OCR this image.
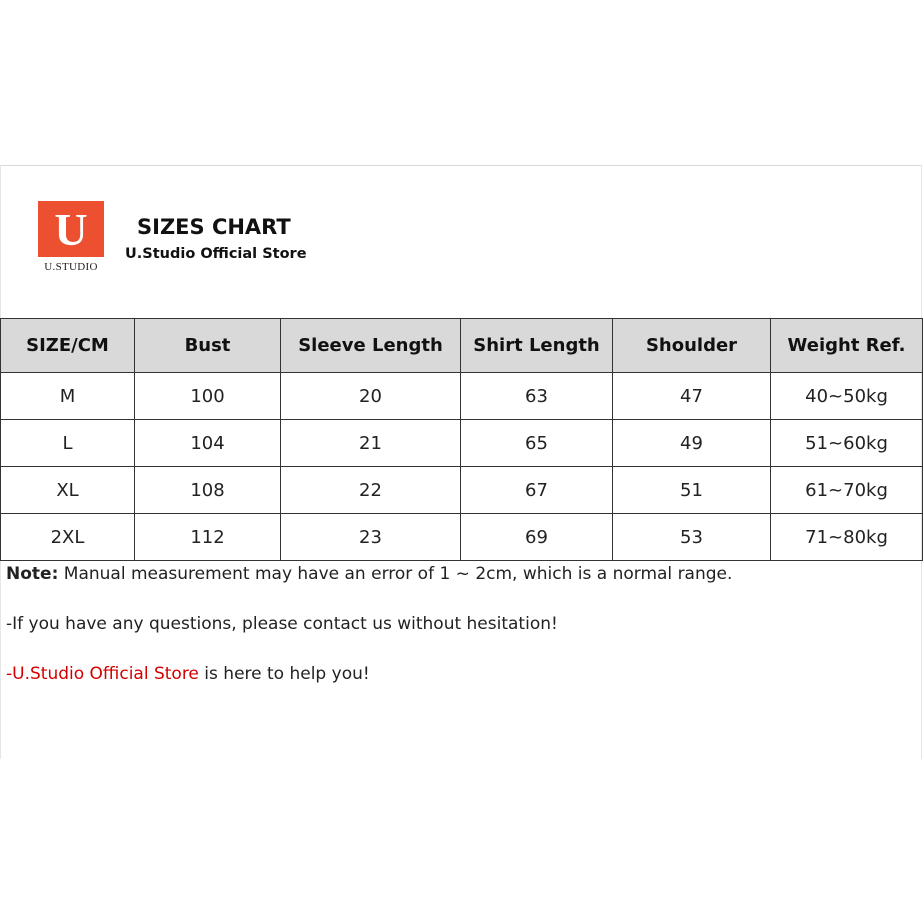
U
U.STUDIO
SIZES CHART
U.Studio Official Store
SIZE/CM	Bust	Sleeve Length	Shirt Length	Shoulder	Weight Ref.
M	100	20	63	47	40~50kg
L	104	21	65	49	51~60kg
XL	108	22	67	51	61~70kg
2XL	112	23	69	53	71~80kg
Note: Manual measurement may have an error of 1 ~ 2cm, which is a normal range.
-If you have any questions, please contact us without hesitation!
-U.Studio Official Store is here to help you!
